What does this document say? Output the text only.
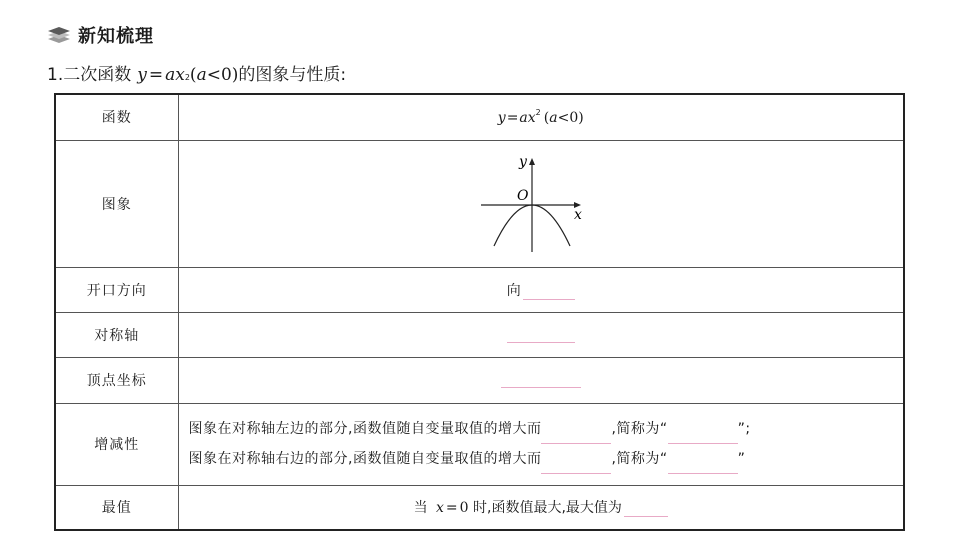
新知梳理
1. 二次函数 y = ax 2 ( a < 0 ) 的图象与性质:
函数	$y=ax^2$ (a<0)
图象	y
O
x

开口方向	向
对称轴	
顶点坐标	
增减性	图象在对称轴左边的部分,函数值随自变量取值的增大而 ,简称为“ ”;
图象在对称轴右边的部分,函数值随自变量取值的增大而 ,简称为“ ”

最值	当 x = 0 时,函数值最大,最大值为
